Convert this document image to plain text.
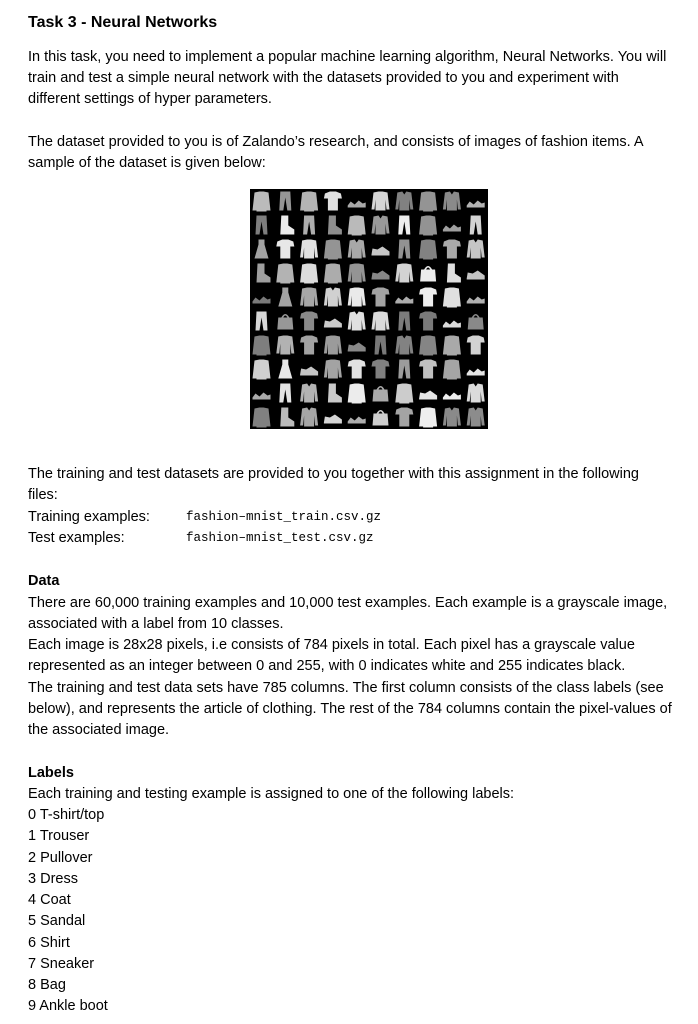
Task 3 - Neural Networks
In this task, you need to implement a popular machine learning algorithm, Neural Networks. You will
train and test a simple neural network with the datasets provided to you and experiment with
different settings of hyper parameters.
The dataset provided to you is of Zalando’s research, and consists of images of fashion items. A
sample of the dataset is given below:
The training and test datasets are provided to you together with this assignment in the following
files:
Training examples:	fashion–mnist_train.csv.gz
Test examples:	fashion–mnist_test.csv.gz
Data
There are 60,000 training examples and 10,000 test examples. Each example is a grayscale image,
associated with a label from 10 classes.
Each image is 28x28 pixels, i.e consists of 784 pixels in total. Each pixel has a grayscale value
represented as an integer between 0 and 255, with 0 indicates white and 255 indicates black.
The training and test data sets have 785 columns. The first column consists of the class labels (see
below), and represents the article of clothing. The rest of the 784 columns contain the pixel-values of
the associated image.
Labels
Each training and testing example is assigned to one of the following labels:
0 T-shirt/top
1 Trouser
2 Pullover
3 Dress
4 Coat
5 Sandal
6 Shirt
7 Sneaker
8 Bag
9 Ankle boot
